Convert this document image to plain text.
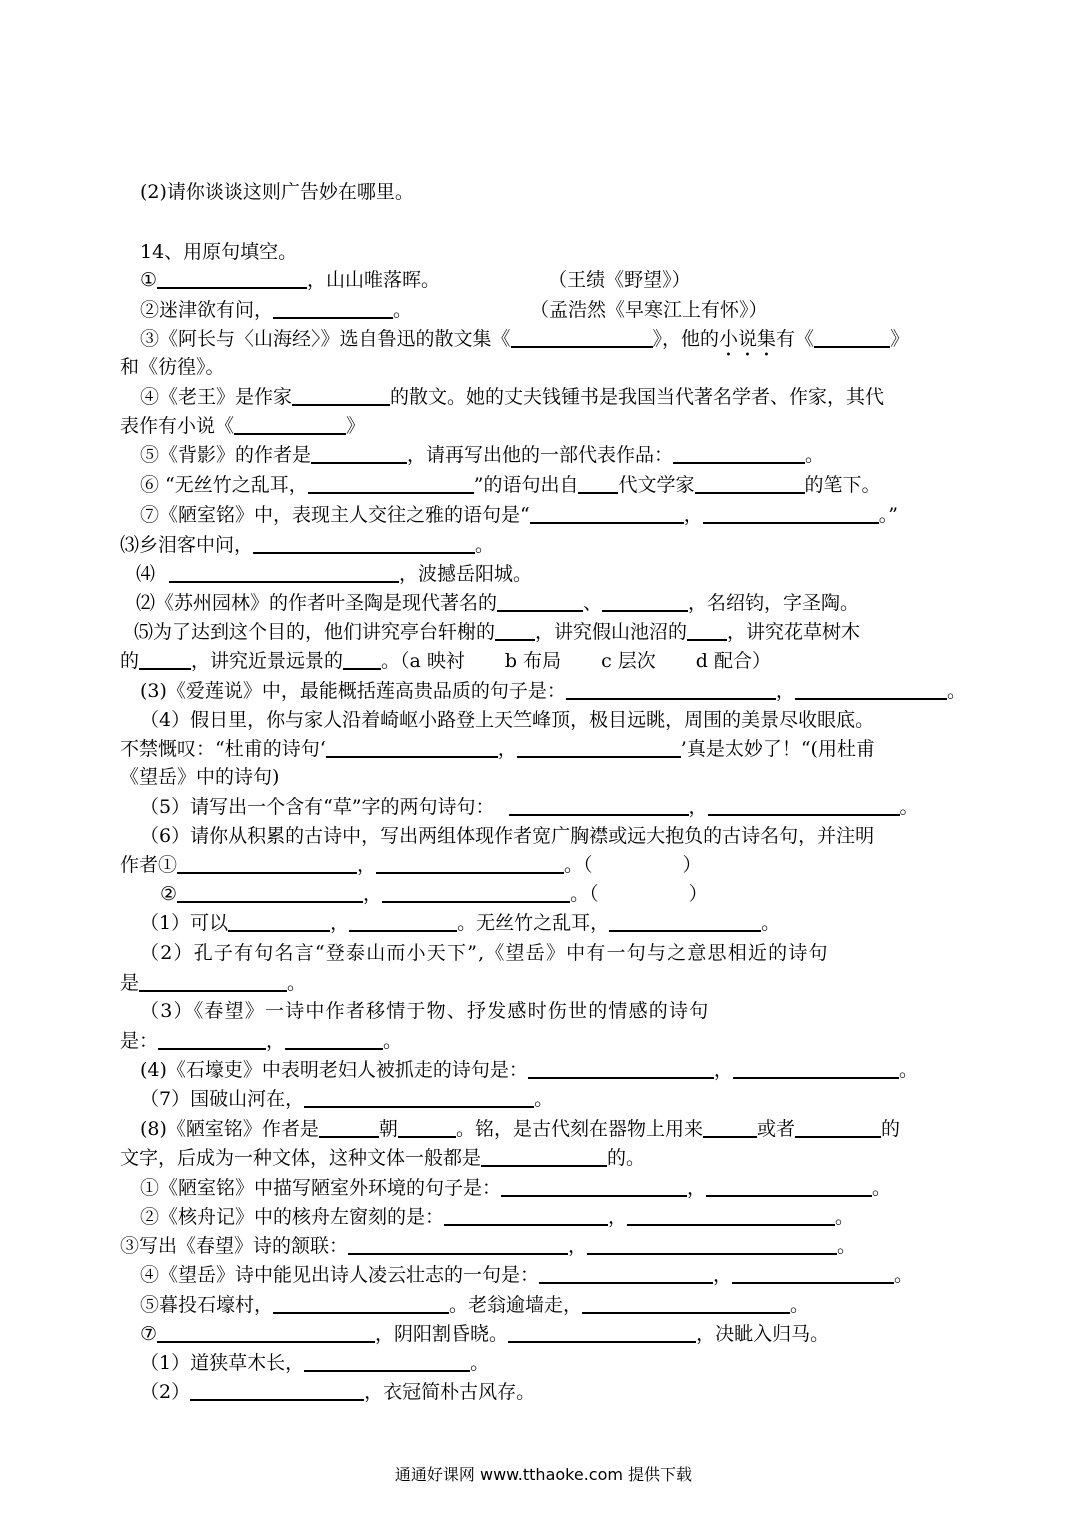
(2)请你谈谈这则广告妙在哪里。
14、用原句填空。
①	，山山唯落晖。	（王绩《野望》）
②迷津欲有问，	。	（孟浩然《早寒江上有怀》）
③《阿长与〈山海经〉》选自鲁迅的散文集《	》，他的小说集有《	》
和《彷徨》。
④《老王》是作家	的散文。她的丈夫钱锺书是我国当代著名学者、作家，其代
表作有小说《	》
⑤《背影》的作者是	，请再写出他的一部代表作品：	。
⑥ “无丝竹之乱耳，	”的语句出自 代文学家	的笔下。
⑦《陋室铭》中，表现主人交往之雅的语句是“	，	。”
⑶乡泪客中问，	。
⑷	，波撼岳阳城。
⑵《苏州园林》的作者叶圣陶是现代著名的	、	，名绍钧，字圣陶。
⑸为了达到这个目的，他们讲究亭台轩榭的 ，讲究假山池沼的 ，讲究花草树木
的	，讲究近景远景的 。（a 映衬 b 布局 c 层次 d 配合）
(3)《爱莲说》中，最能概括莲高贵品质的句子是：	，	。
（4）假日里，你与家人沿着崎岖小路登上天竺峰顶，极目远眺，周围的美景尽收眼底。
不禁慨叹：“杜甫的诗句‘	，	’真是太妙了！“(用杜甫
《望岳》中的诗句)
（5）请写出一个含有“草”字的两句诗句：	，	。
（6）请你从积累的古诗中，写出两组体现作者宽广胸襟或远大抱负的古诗名句，并注明
作者①	，	。（	）
②	，	。（	）
（1）可以	，	。无丝竹之乱耳，	。
（2）孔子有句名言“登泰山而小天下”,《望岳》中有一句与之意思相近的诗句
是	。
（3）《春望》一诗中作者移情于物、抒发感时伤世的情感的诗句
是：	，	。
(4)《石壕吏》中表明老妇人被抓走的诗句是：	，	。
（7）国破山河在，	。
(8)《陋室铭》作者是	朝	。铭，是古代刻在器物上用来	或者	的
文字，后成为一种文体，这种文体一般都是	的。
①《陋室铭》中描写陋室外环境的句子是：	，	。
②《核舟记》中的核舟左窗刻的是：	，	。
③写出《春望》诗的颔联：	，	。
④《望岳》诗中能见出诗人凌云壮志的一句是：	，	。
⑤暮投石壕村，	。老翁逾墙走，	。
⑦	，阴阳割昏晓。	，决眦入归马。
（1）道狭草木长，	。
（2）	，衣冠简朴古风存。
通通好课网 www.tthaoke.com 提供下载
